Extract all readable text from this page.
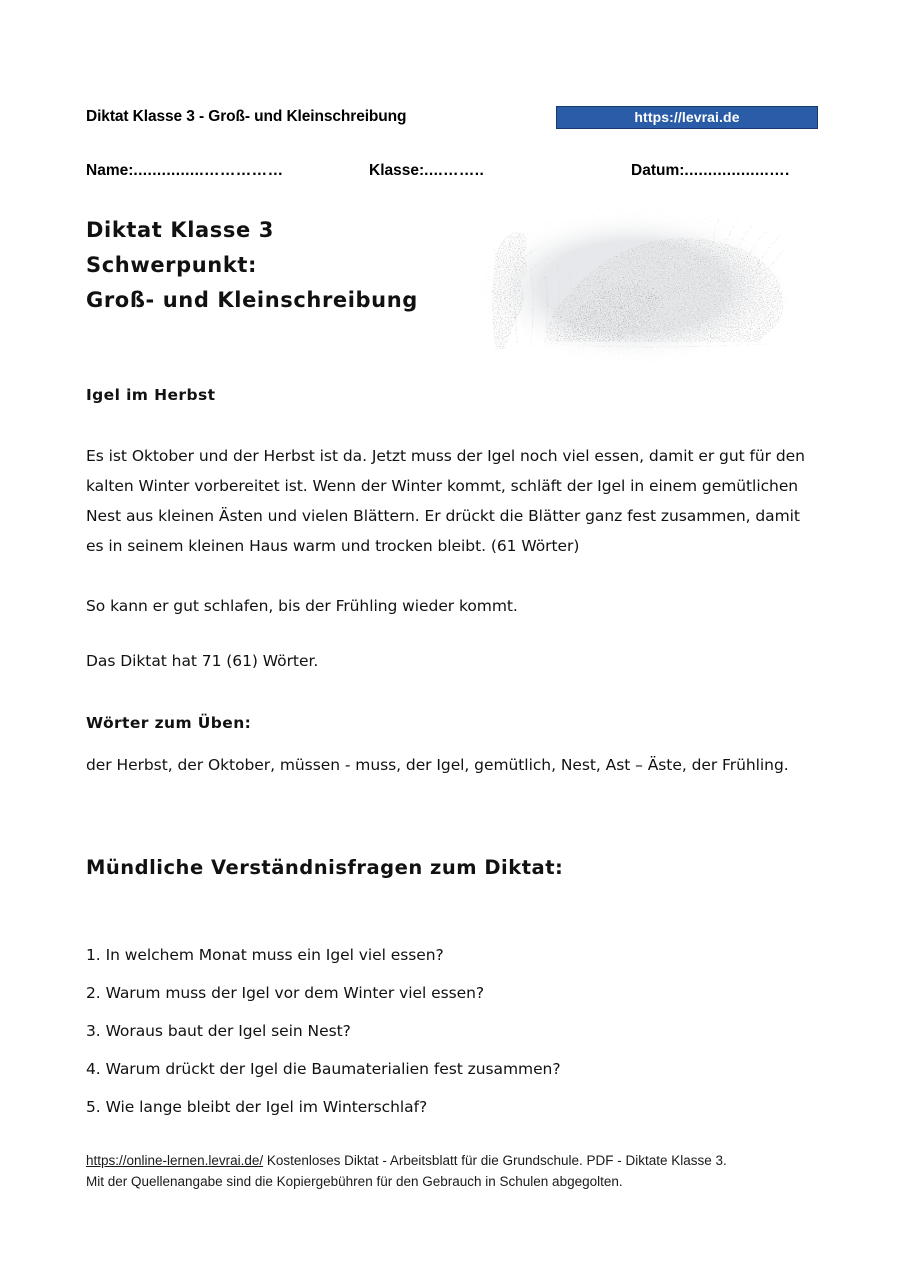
Diktat Klasse 3 - Groß- und Kleinschreibung	https://levrai.de
Name:...............……………	Klasse:....……..	Datum:..................….
Diktat Klasse 3
Schwerpunkt:
Groß- und Kleinschreibung
Igel im Herbst
Es ist Oktober und der Herbst ist da. Jetzt muss der Igel noch viel essen, damit er gut für den kalten Winter vorbereitet ist. Wenn der Winter kommt, schläft der Igel in einem gemütlichen Nest aus kleinen Ästen und vielen Blättern. Er drückt die Blätter ganz fest zusammen, damit es in seinem kleinen Haus warm und trocken bleibt. (61 Wörter)
So kann er gut schlafen, bis der Frühling wieder kommt.
Das Diktat hat 71 (61) Wörter.
Wörter zum Üben:
der Herbst, der Oktober, müssen - muss, der Igel, gemütlich, Nest, Ast – Äste, der Frühling.
Mündliche Verständnisfragen zum Diktat:
1. In welchem Monat muss ein Igel viel essen?
2. Warum muss der Igel vor dem Winter viel essen?
3. Woraus baut der Igel sein Nest?
4. Warum drückt der Igel die Baumaterialien fest zusammen?
5. Wie lange bleibt der Igel im Winterschlaf?
https://online-lernen.levrai.de/ Kostenloses Diktat - Arbeitsblatt für die Grundschule. PDF - Diktate Klasse 3.
Mit der Quellenangabe sind die Kopiergebühren für den Gebrauch in Schulen abgegolten.
